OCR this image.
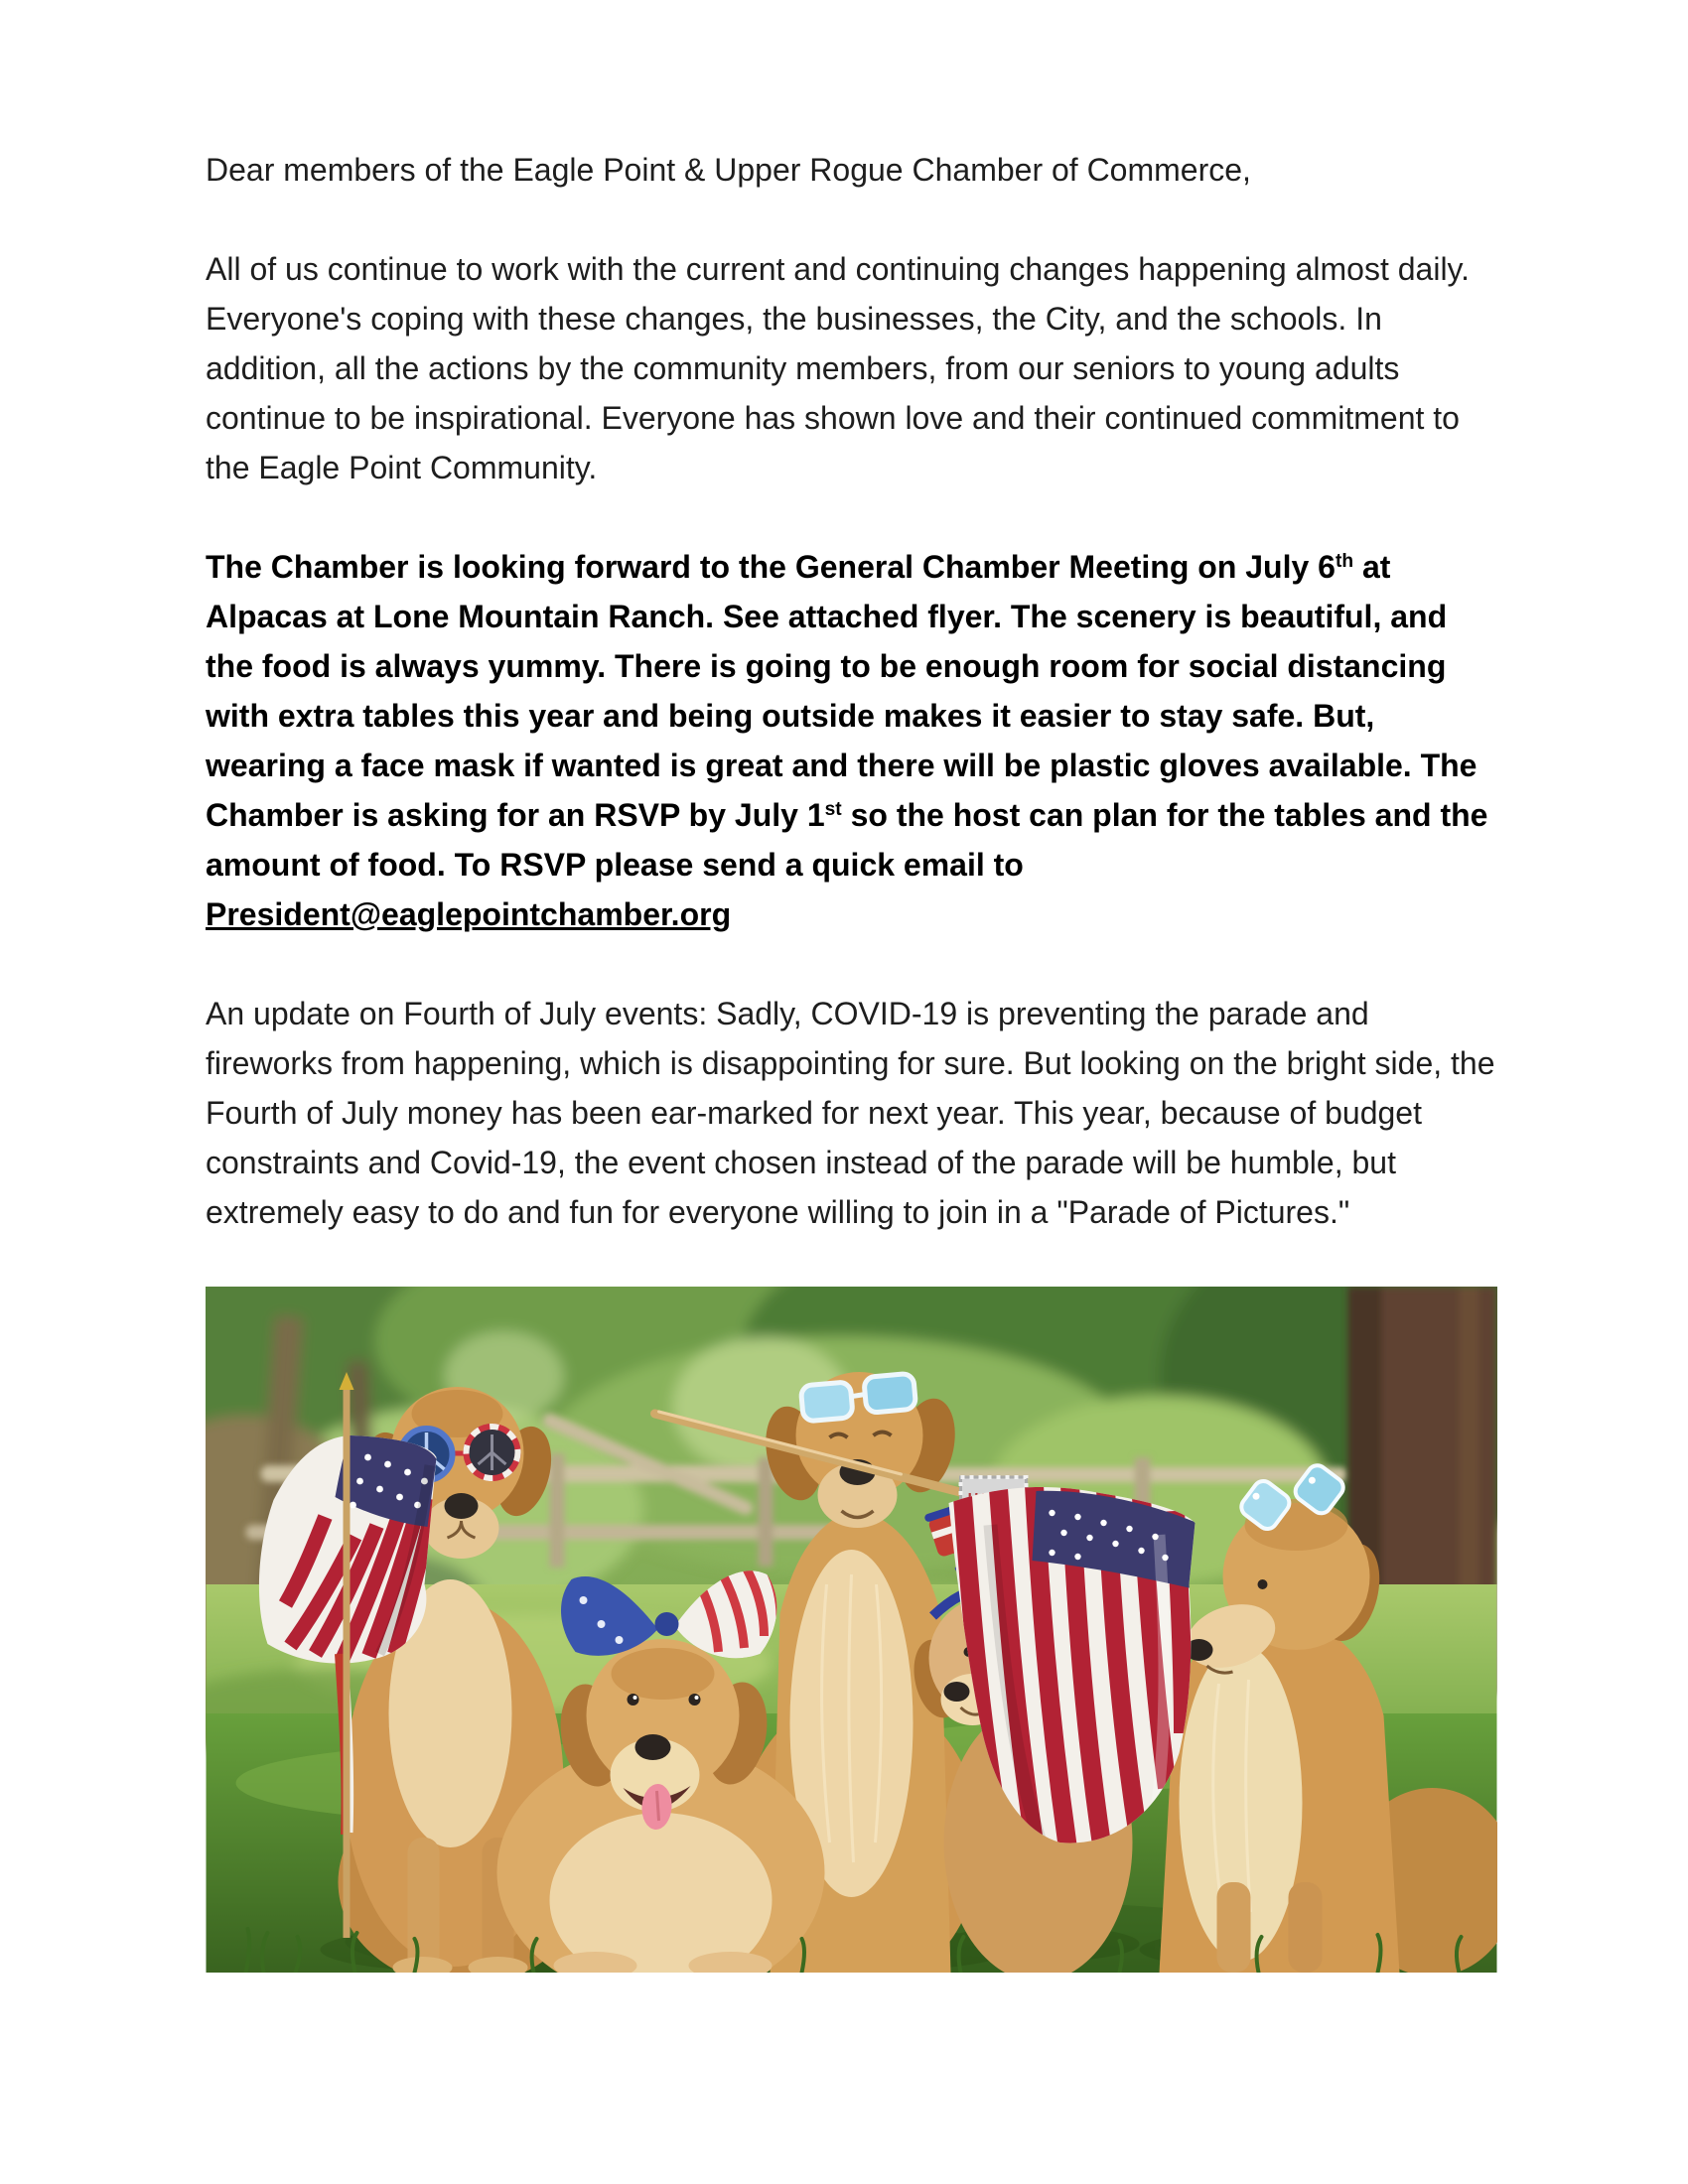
Dear members of the Eagle Point & Upper Rogue Chamber of Commerce,

All of us continue to work with the current and continuing changes happening almost daily. Everyone's coping with these changes, the businesses, the City, and the schools. In addition, all the actions by the community members, from our seniors to young adults continue to be inspirational. Everyone has shown love and their continued commitment to the Eagle Point Community.

The Chamber is looking forward to the General Chamber Meeting on July 6th at Alpacas at Lone Mountain Ranch. See attached flyer. The scenery is beautiful, and the food is always yummy. There is going to be enough room for social distancing with extra tables this year and being outside makes it easier to stay safe. But, wearing a face mask if wanted is great and there will be plastic gloves available. The Chamber is asking for an RSVP by July 1st so the host can plan for the tables and the amount of food. To RSVP please send a quick email to President@eaglepointchamber.org

An update on Fourth of July events: Sadly, COVID-19 is preventing the parade and fireworks from happening, which is disappointing for sure. But looking on the bright side, the Fourth of July money has been ear-marked for next year. This year, because of budget constraints and Covid-19, the event chosen instead of the parade will be humble, but extremely easy to do and fun for everyone willing to join in a "Parade of Pictures."
